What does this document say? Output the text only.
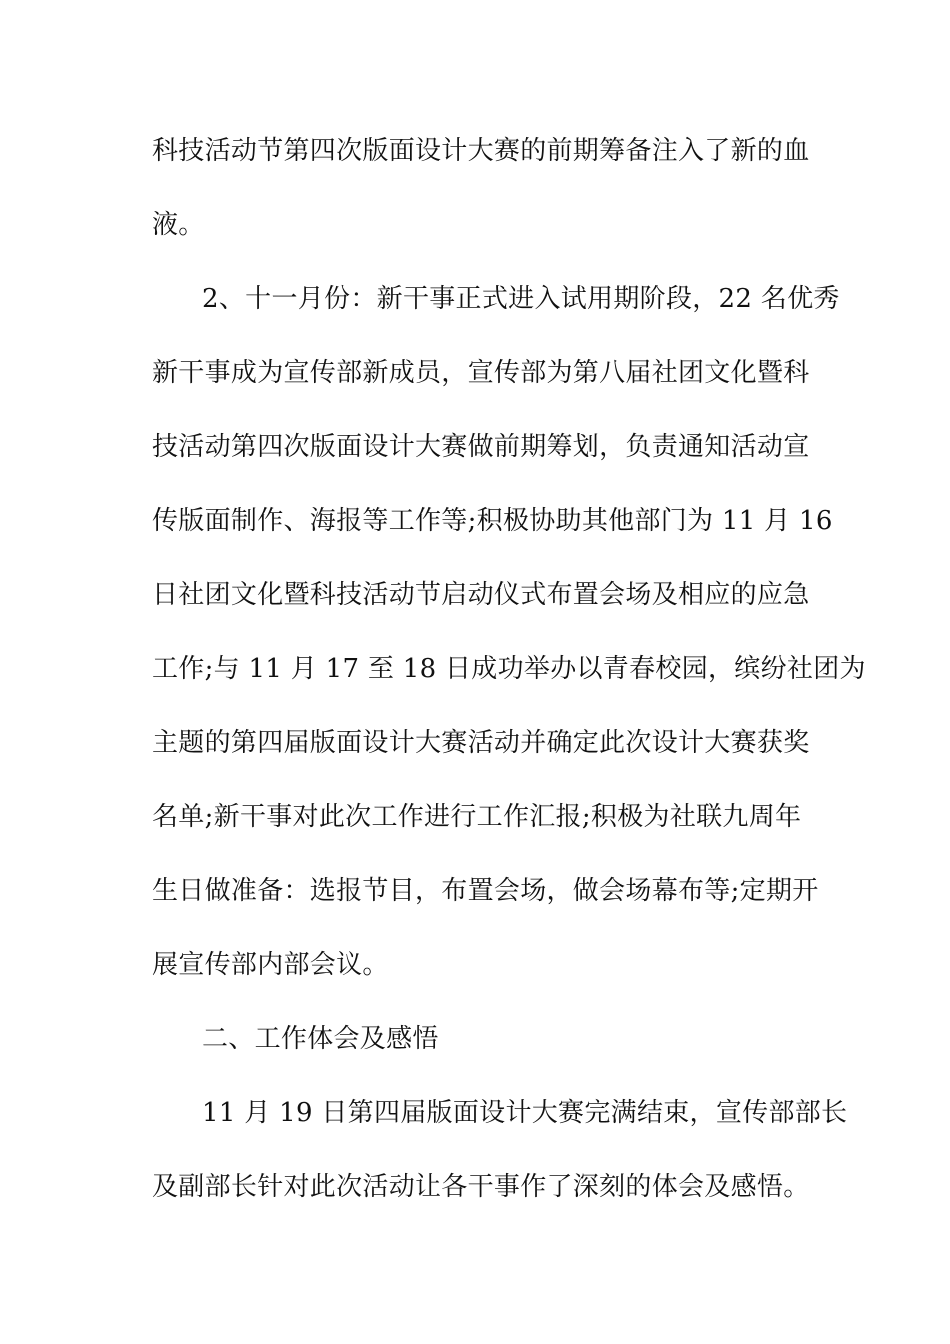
科技活动节第四次版面设计大赛的前期筹备注入了新的血
液。
2、十一月份：新干事正式进入试用期阶段，22 名优秀
新干事成为宣传部新成员，宣传部为第八届社团文化暨科
技活动第四次版面设计大赛做前期筹划，负责通知活动宣
传版面制作、海报等工作等;积极协助其他部门为 11 月 16
日社团文化暨科技活动节启动仪式布置会场及相应的应急
工作;与 11 月 17 至 18 日成功举办以青春校园，缤纷社团为
主题的第四届版面设计大赛活动并确定此次设计大赛获奖
名单;新干事对此次工作进行工作汇报;积极为社联九周年
生日做准备：选报节目，布置会场，做会场幕布等;定期开
展宣传部内部会议。
二、工作体会及感悟
11 月 19 日第四届版面设计大赛完满结束，宣传部部长
及副部长针对此次活动让各干事作了深刻的体会及感悟。
